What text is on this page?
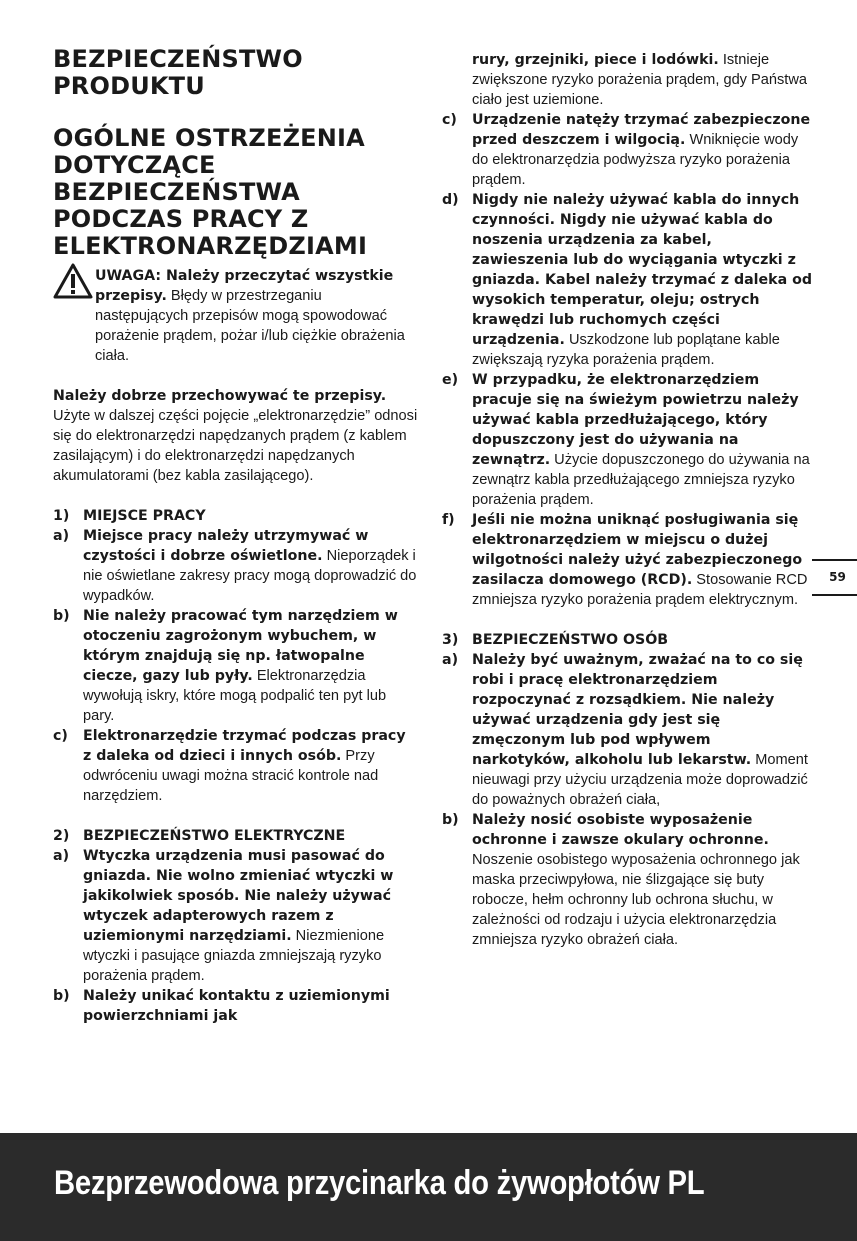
BEZPIECZEŃSTWO PRODUKTU
OGÓLNE OSTRZEŻENIA DOTYCZĄCE BEZPIECZEŃSTWA PODCZAS PRACY Z ELEKTRONARZĘDZIAMI

UWAGA: Należy przeczytać wszystkie przepisy. Błędy w przestrzeganiu następujących przepisów mogą spowodować porażenie prądem, pożar i/lub ciężkie obrażenia ciała.

Należy dobrze przechowywać te przepisy.
Użyte w dalszej części pojęcie „elektronarzędzie” odnosi się do elektronarzędzi napędzanych prądem (z kablem zasilającym) i do elektronarzędzi napędzanych akumulatorami (bez kabla zasilającego).

1) MIEJSCE PRACY
a) Miejsce pracy należy utrzymywać w czystości i dobrze oświetlone. Nieporządek i nie oświetlane zakresy pracy mogą doprowadzić do wypadków.

b) Nie należy pracować tym narzędziem w otoczeniu zagrożonym wybuchem, w którym znajdują się np. łatwopalne ciecze, gazy lub pyły. Elektronarzędzia wywołują iskry, które mogą podpalić ten pyt lub pary.

c)	Elektronarzędzie trzymać podczas pracy z daleka od dzieci i innych osób. Przy odwróceniu uwagi można stracić kontrole nad narzędziem.

2) BEZPIECZEŃSTWO ELEKTRYCZNE
a) Wtyczka urządzenia musi pasować do gniazda. Nie wolno zmieniać wtyczki w jakikolwiek sposób. Nie należy używać wtyczek adapterowych razem z uziemionymi narzędziami. Niezmienione wtyczki i pasujące gniazda zmniejszają ryzyko porażenia prądem.

b) Należy unikać kontaktu z uziemionymi powierzchniami jak

rury, grzejniki, piece i lodówki. Istnieje zwiększone ryzyko porażenia prądem, gdy Państwa ciało jest uziemione.

c)	Urządzenie natęży trzymać zabezpieczone przed deszczem i wilgocią. Wniknięcie wody do elektronarzędzia podwyższa ryzyko porażenia prądem.

d) Nigdy nie należy używać kabla do innych czynności. Nigdy nie używać kabla do noszenia urządzenia za kabel, zawieszenia lub do wyciągania wtyczki z gniazda. Kabel należy trzymać z daleka od wysokich temperatur, oleju; ostrych krawędzi lub ruchomych części urządzenia. Uszkodzone lub poplątane kable zwiększają ryzyka porażenia prądem.

e) W przypadku, że elektronarzędziem pracuje się na świeżym powietrzu należy używać kabla przedłużającego, który dopuszczony jest do używania na zewnątrz. Użycie dopuszczonego do używania na zewnątrz kabla przedłużającego zmniejsza ryzyko porażenia prądem.

f)	Jeśli nie można uniknąć posługiwania się elektronarzędziem w miejscu o dużej wilgotności należy użyć zabezpieczonego zasilacza domowego (RCD). Stosowanie RCD zmniejsza ryzyko porażenia prądem elektrycznym.

3) BEZPIECZEŃSTWO OSÓB
a) Należy być uważnym, zważać na to co się robi i pracę elektronarzędziem rozpoczynać z rozsądkiem. Nie należy używać urządzenia gdy jest się zmęczonym lub pod wpływem narkotyków, alkoholu lub lekarstw. Moment nieuwagi przy użyciu urządzenia może doprowadzić do poważnych obrażeń ciała,

b) Należy nosić osobiste wyposażenie ochronne i zawsze okulary ochronne. Noszenie osobistego wyposażenia ochronnego jak maska przeciwpyłowa, nie ślizgające się buty robocze, hełm ochronny lub ochrona słuchu, w zależności od rodzaju i użycia elektronarzędzia zmniejsza ryzyko obrażeń ciała.

59
Bezprzewodowa przycinarka do żywopłotów PL
